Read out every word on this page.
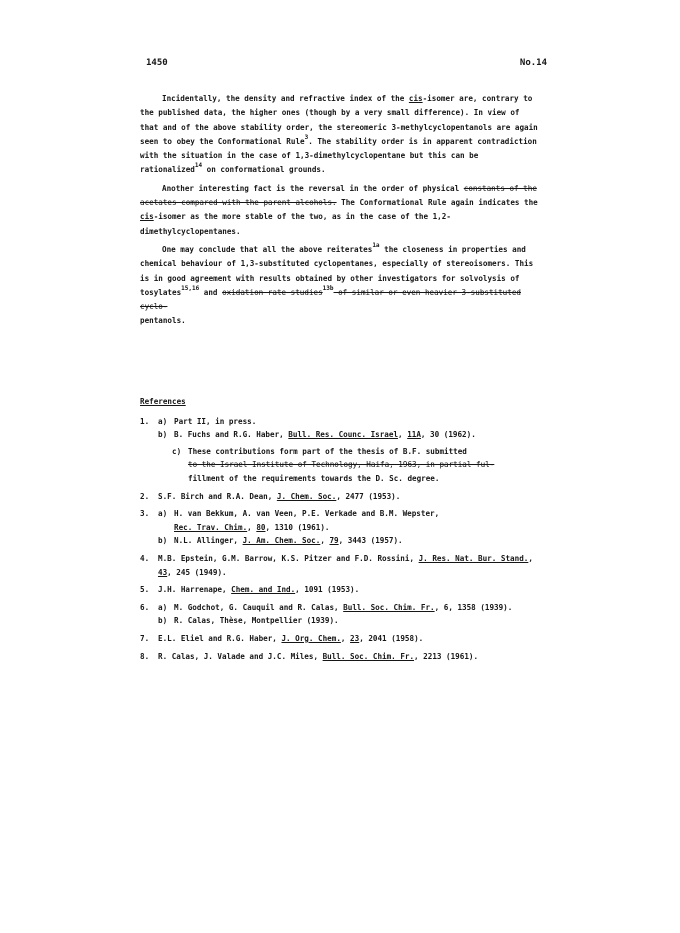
1450	No.14

Incidentally, the density and refractive index of the cis-isomer are, contrary to the published data, the higher ones (though by a very small difference). In view of that and of the above stability order, the stereomeric 3-methylcyclopentanols are again seen to obey the Conformational Rule$^3$. The stability order is in apparent contradiction with the situation in the case of 1,3-dimethylcyclopentane but this can be rationalized$^{14}$ on conformational grounds.

Another interesting fact is the reversal in the order of physical constants of the acetates compared with the parent alcohols. The Conformational Rule again indicates the cis-isomer as the more stable of the two, as in the case of the 1,2-dimethylcyclopentanes.

One may conclude that all the above reiterates$^{1a}$ the closeness in properties and chemical behaviour of 1,3-substituted cyclopentanes, especially of stereoisomers. This is in good agreement with results obtained by other investigators for solvolysis of tosylates$^{15,16}$ and oxidation rate studies$^{13b}$ of similar or even heavier 3-substituted cyclo-
pentanols.

References
1. a) Part II, in press.
b) B. Fuchs and R.G. Haber, Bull. Res. Counc. Israel, 11A, 30 (1962).
c) These contributions form part of the thesis of B.F. submitted
to the Israel Institute of Technology, Haifa, 1963, in partial ful-
fillment of the requirements towards the D. Sc. degree.
2. S.F. Birch and R.A. Dean, J. Chem. Soc., 2477 (1953).
3. a) H. van Bekkum, A. van Veen, P.E. Verkade and B.M. Wepster,
Rec. Trav. Chim., 80, 1310 (1961).
b) N.L. Allinger, J. Am. Chem. Soc., 79, 3443 (1957).
4. M.B. Epstein, G.M. Barrow, K.S. Pitzer and F.D. Rossini, J. Res. Nat. Bur. Stand., 43, 245 (1949).
5. J.H. Harrenape, Chem. and Ind., 1091 (1953).
6. a) M. Godchot, G. Cauquil and R. Calas, Bull. Soc. Chim. Fr., 6, 1358 (1939).
b) R. Calas, Thèse, Montpellier (1939).
7. E.L. Eliel and R.G. Haber, J. Org. Chem., 23, 2041 (1958).
8. R. Calas, J. Valade and J.C. Miles, Bull. Soc. Chim. Fr., 2213 (1961).
